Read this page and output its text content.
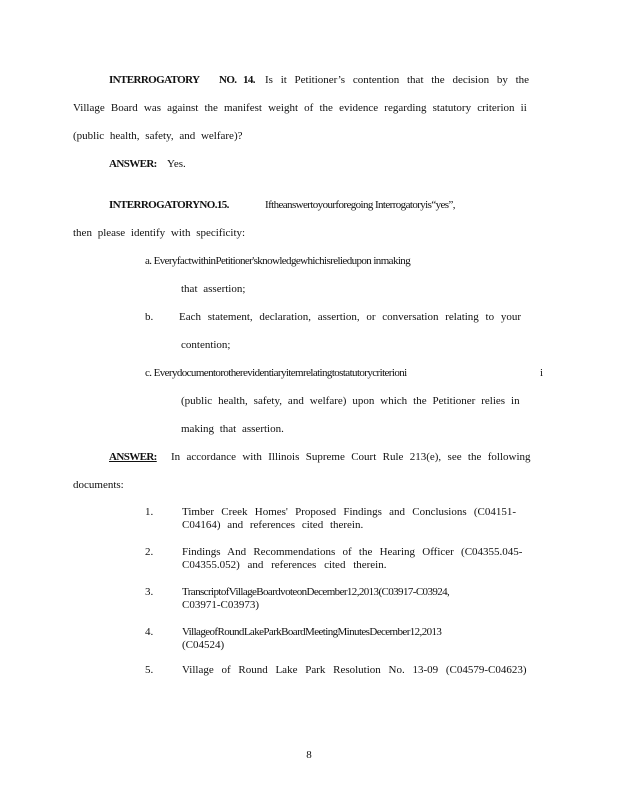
INTERROGATORY NO. 14. Is it Petitioner’s contention that the decision by the
Village Board was against the manifest weight of the evidence regarding statutory criterion ii
(public health, safety, and welfare)?
ANSWER: Yes.
INTERROGATORYNO.15.	Iftheanswertoyourforegoing Interrogatoryis“yes”,
then please identify with specificity:
a. EveryfactwithinPetitioner'sknowledgewhichisreliedupon inmaking
that assertion;
b. Each statement, declaration, assertion, or conversation relating to your
contention;
c. Everydocumentorotherevidentiaryitemrelatingtostatutorycriterioni	i
(public health, safety, and welfare) upon which the Petitioner relies in
making that assertion.
ANSWER:	In accordance with Illinois Supreme Court Rule 213(e), see the following
documents:
1.	Timber Creek Homes' Proposed Findings and Conclusions (C04151-
C04164) and references cited therein.
2.	Findings And Recommendations of the Hearing Officer (C04355.045-
C04355.052) and references cited therein.
3.	TranscriptofVillageBoardvoteonDecember12,2013(C03917-C03924,
C03971-C03973)
4.	VillageofRoundLakeParkBoardMeetingMinutesDecember12,2013
(C04524)
5.	Village of Round Lake Park Resolution No. 13-09 (C04579-C04623)
8
